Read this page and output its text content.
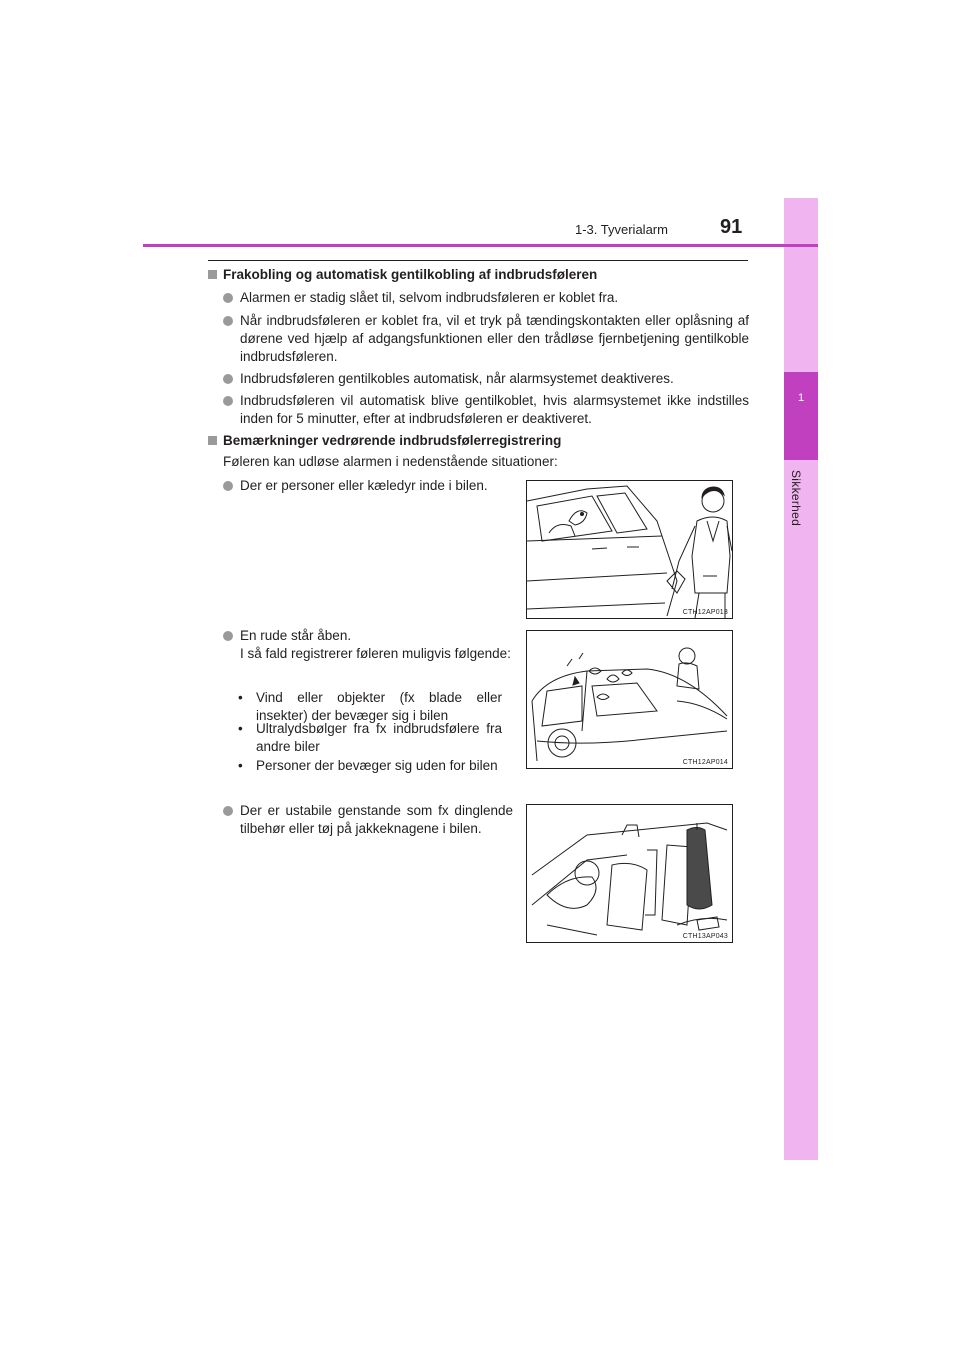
1
Sikkerhed
1-3. Tyverialarm	91
Frakobling og automatisk gentilkobling af indbrudsføleren
Alarmen er stadig slået til, selvom indbrudsføleren er koblet fra.
Når indbrudsføleren er koblet fra, vil et tryk på tændingskontakten eller oplåsning af dørene ved hjælp af adgangsfunktionen eller den trådløse fjernbetjening gentilkoble indbrudsføleren.
Indbrudsføleren gentilkobles automatisk, når alarmsystemet deaktiveres.
Indbrudsføleren vil automatisk blive gentilkoblet, hvis alarmsystemet ikke indstilles inden for 5 minutter, efter at indbrudsføleren er deaktiveret.
Bemærkninger vedrørende indbrudsfølerregistrering
Føleren kan udløse alarmen i nedenstående situationer:
Der er personer eller kæledyr inde i bilen.
En rude står åben.
I så fald registrerer føleren muligvis følgende:
• Vind eller objekter (fx blade eller insekter) der bevæger sig i bilen
• Ultralydsbølger fra fx indbrudsfølere fra andre biler
• Personer der bevæger sig uden for bilen
Der er ustabile genstande som fx dinglende tilbehør eller tøj på jakkeknagene i bilen.
CTH12AP013
CTH12AP014
CTH13AP043
